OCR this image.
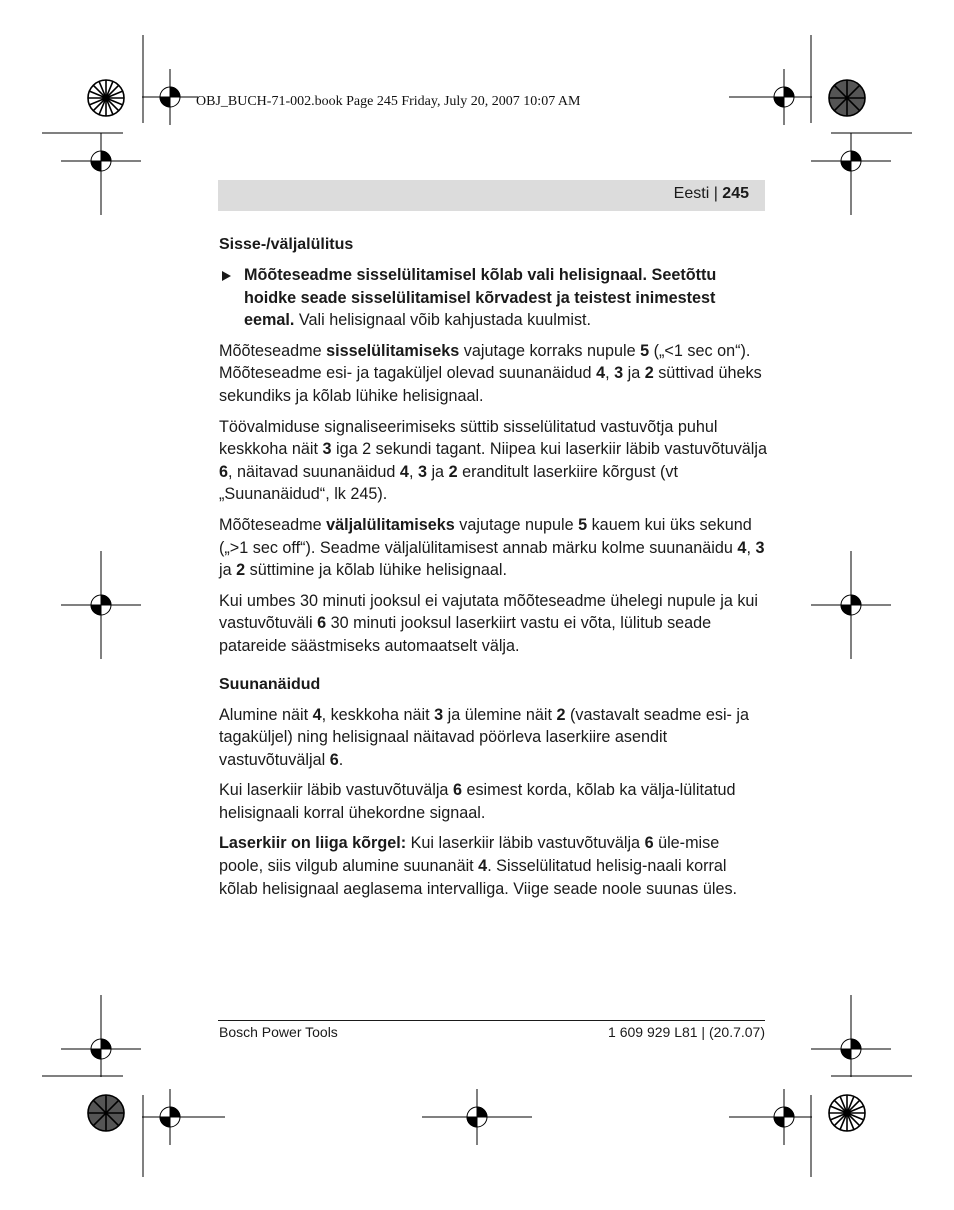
OBJ_BUCH-71-002.book Page 245 Friday, July 20, 2007 10:07 AM
Eesti | 245
Sisse-/väljalülitus
Mõõteseadme sisselülitamisel kõlab vali helisignaal. Seetõttu hoidke seade sisselülitamisel kõrvadest ja teistest inimestest eemal. Vali helisignaal võib kahjustada kuulmist.

Mõõteseadme sisselülitamiseks vajutage korraks nupule 5 („<1 sec on“). Mõõteseadme esi- ja tagaküljel olevad suunanäidud 4, 3 ja 2 süttivad üheks sekundiks ja kõlab lühike helisignaal.

Töövalmiduse signaliseerimiseks süttib sisselülitatud vastuvõtja puhul keskkoha näit 3 iga 2 sekundi tagant. Niipea kui laserkiir läbib vastuvõtuvälja 6, näitavad suunanäidud 4, 3 ja 2 eranditult laserkiire kõrgust (vt „Suunanäidud“, lk 245).

Mõõteseadme väljalülitamiseks vajutage nupule 5 kauem kui üks sekund („>1 sec off“). Seadme väljalülitamisest annab märku kolme suunanäidu 4, 3 ja 2 süttimine ja kõlab lühike helisignaal.

Kui umbes 30 minuti jooksul ei vajutata mõõteseadme ühelegi nupule ja kui vastuvõtuväli 6 30 minuti jooksul laserkiirt vastu ei võta, lülitub seade patareide säästmiseks automaatselt välja.

Suunanäidud

Alumine näit 4, keskkoha näit 3 ja ülemine näit 2 (vastavalt seadme esi- ja tagaküljel) ning helisignaal näitavad pöörleva laserkiire asendit vastuvõtuväljal 6.

Kui laserkiir läbib vastuvõtuvälja 6 esimest korda, kõlab ka välja-lülitatud helisignaali korral ühekordne signaal.

Laserkiir on liiga kõrgel: Kui laserkiir läbib vastuvõtuvälja 6 üle-mise poole, siis vilgub alumine suunanäit 4. Sisselülitatud helisig-naali korral kõlab helisignaal aeglasema intervalliga. Viige seade noole suunas üles.

Bosch Power Tools	1 609 929 L81 | (20.7.07)
